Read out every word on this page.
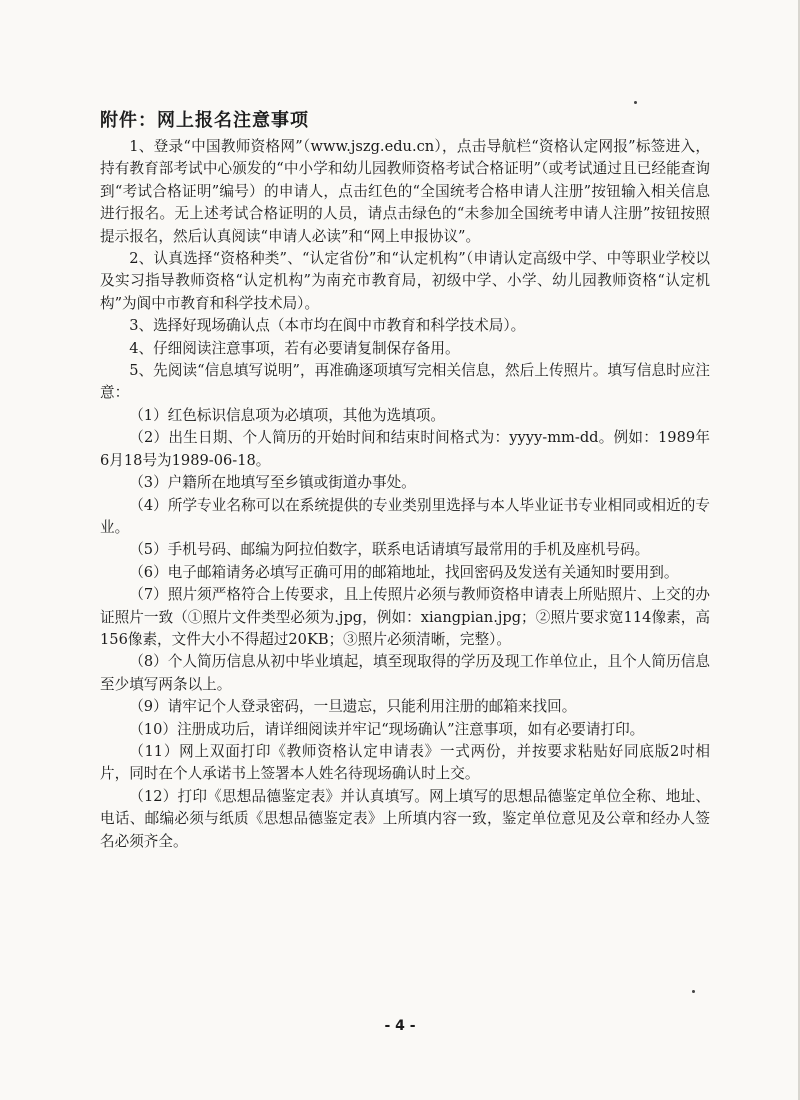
附件：网上报名注意事项

1、登录“中国教师资格网”（www.jszg.edu.cn），点击导航栏“资格认定网报”标签进入，持有教育部考试中心颁发的“中小学和幼儿园教师资格考试合格证明”（或考试通过且已经能查询到“考试合格证明”编号）的申请人，点击红色的“全国统考合格申请人注册”按钮输入相关信息进行报名。无上述考试合格证明的人员，请点击绿色的“未参加全国统考申请人注册”按钮按照提示报名，然后认真阅读“申请人必读”和“网上申报协议”。

2、认真选择“资格种类”、“认定省份”和“认定机构”（申请认定高级中学、中等职业学校以及实习指导教师资格“认定机构”为南充市教育局，初级中学、小学、幼儿园教师资格“认定机构”为阆中市教育和科学技术局）。

3、选择好现场确认点（本市均在阆中市教育和科学技术局）。

4、仔细阅读注意事项，若有必要请复制保存备用。

5、先阅读“信息填写说明”，再准确逐项填写完相关信息，然后上传照片。填写信息时应注意：

（1）红色标识信息项为必填项，其他为选填项。

（2）出生日期、个人简历的开始时间和结束时间格式为：yyyy-mm-dd。例如：1989年6月18号为1989-06-18。

（3）户籍所在地填写至乡镇或街道办事处。

（4）所学专业名称可以在系统提供的专业类别里选择与本人毕业证书专业相同或相近的专业。

（5）手机号码、邮编为阿拉伯数字，联系电话请填写最常用的手机及座机号码。

（6）电子邮箱请务必填写正确可用的邮箱地址，找回密码及发送有关通知时要用到。

（7）照片须严格符合上传要求，且上传照片必须与教师资格申请表上所贴照片、上交的办证照片一致（①照片文件类型必须为.jpg，例如：xiangpian.jpg；②照片要求宽114像素，高156像素，文件大小不得超过20KB；③照片必须清晰，完整）。

（8）个人简历信息从初中毕业填起，填至现取得的学历及现工作单位止，且个人简历信息至少填写两条以上。

（9）请牢记个人登录密码，一旦遗忘，只能利用注册的邮箱来找回。

（10）注册成功后，请详细阅读并牢记“现场确认”注意事项，如有必要请打印。

（11）网上双面打印《教师资格认定申请表》一式两份，并按要求粘贴好同底版2吋相片，同时在个人承诺书上签署本人姓名待现场确认时上交。

（12）打印《思想品德鉴定表》并认真填写。网上填写的思想品德鉴定单位全称、地址、电话、邮编必须与纸质《思想品德鉴定表》上所填内容一致，鉴定单位意见及公章和经办人签名必须齐全。

- 4 -
